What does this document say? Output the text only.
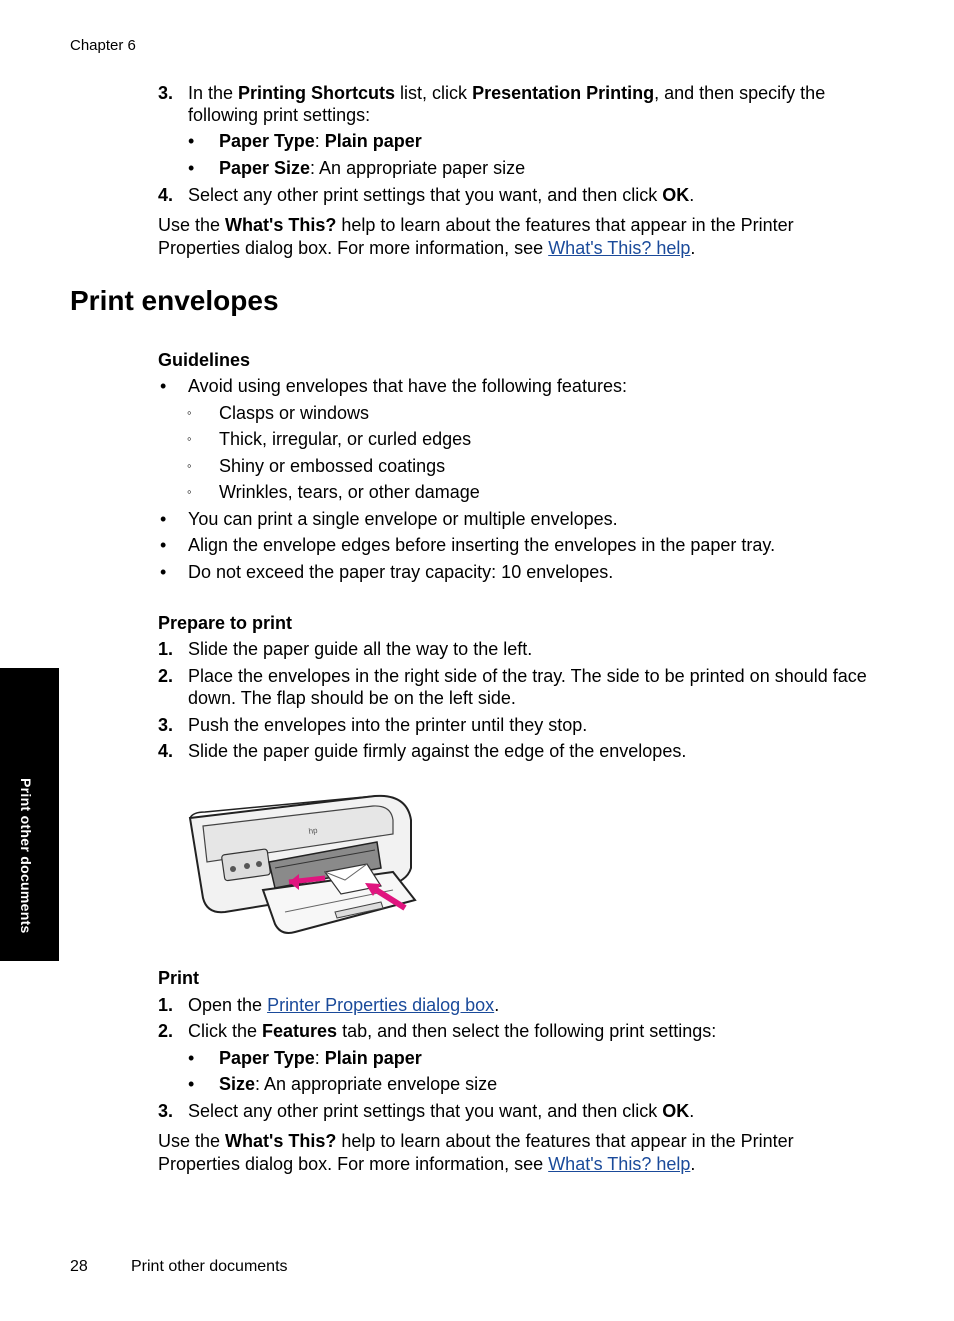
Chapter 6
3. In the Printing Shortcuts list, click Presentation Printing, and then specify the
following print settings:
• Paper Type: Plain paper
• Paper Size: An appropriate paper size
4. Select any other print settings that you want, and then click OK.
Use the What's This? help to learn about the features that appear in the Printer
Properties dialog box. For more information, see What's This? help.
Print envelopes
Guidelines
• Avoid using envelopes that have the following features:
◦ Clasps or windows
◦ Thick, irregular, or curled edges
◦ Shiny or embossed coatings
◦ Wrinkles, tears, or other damage
• You can print a single envelope or multiple envelopes.
• Align the envelope edges before inserting the envelopes in the paper tray.
• Do not exceed the paper tray capacity: 10 envelopes.
Prepare to print
1. Slide the paper guide all the way to the left.
2. Place the envelopes in the right side of the tray. The side to be printed on should face
down. The flap should be on the left side.
3. Push the envelopes into the printer until they stop.
4. Slide the paper guide firmly against the edge of the envelopes.
hp
Print
1. Open the Printer Properties dialog box.
2. Click the Features tab, and then select the following print settings:
• Paper Type: Plain paper
• Size: An appropriate envelope size
3. Select any other print settings that you want, and then click OK.
Use the What's This? help to learn about the features that appear in the Printer
Properties dialog box. For more information, see What's This? help.
Print other documents
28	Print other documents
